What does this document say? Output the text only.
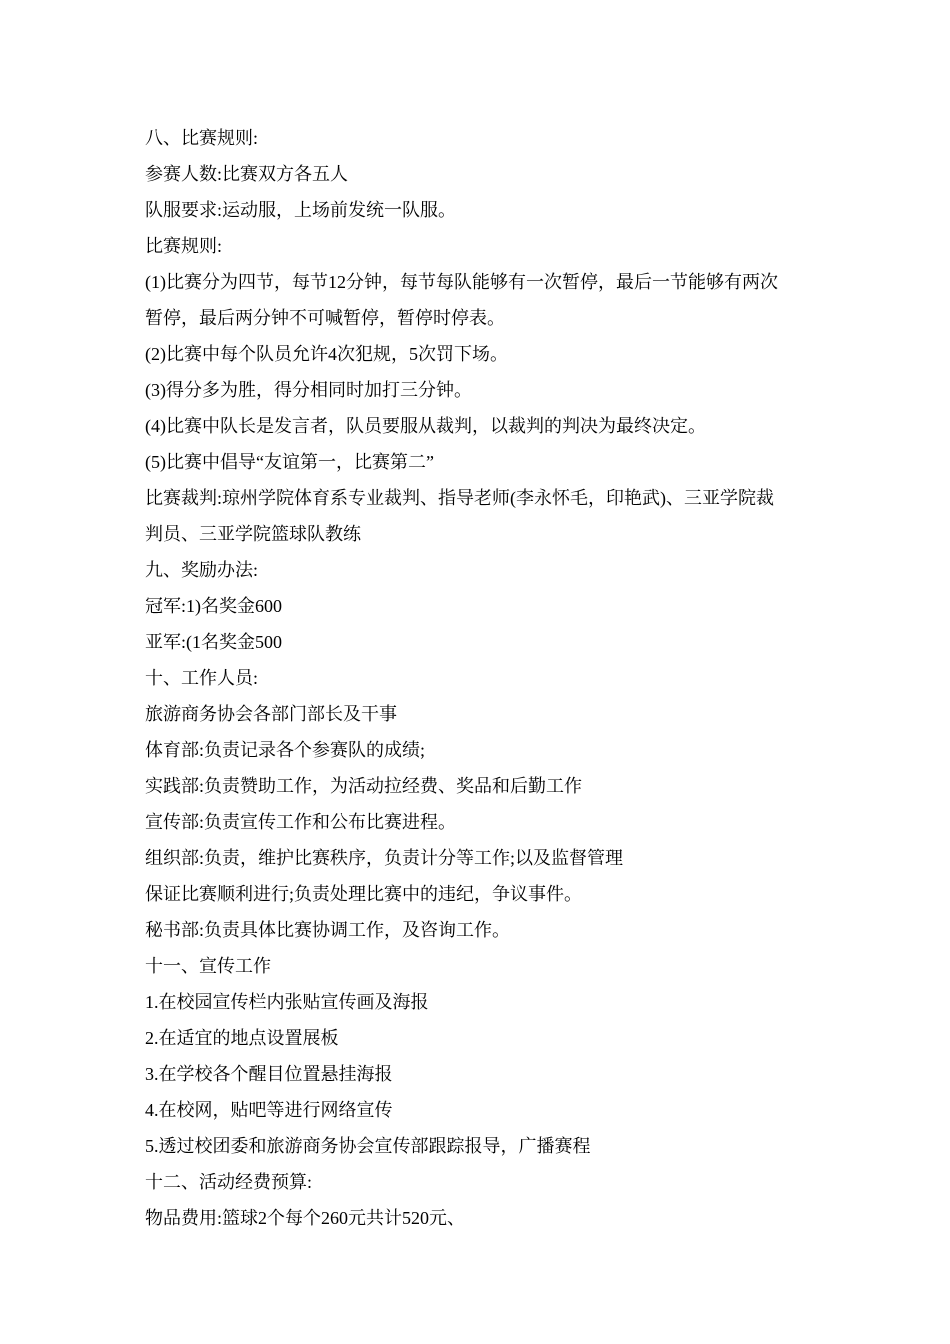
八、比赛规则:
参赛人数:比赛双方各五人
队服要求:运动服，上场前发统一队服。
比赛规则:
(1)比赛分为四节，每节12分钟，每节每队能够有一次暂停，最后一节能够有两次
暂停，最后两分钟不可喊暂停，暂停时停表。
(2)比赛中每个队员允许4次犯规，5次罚下场。
(3)得分多为胜，得分相同时加打三分钟。
(4)比赛中队长是发言者，队员要服从裁判，以裁判的判决为最终决定。
(5)比赛中倡导“友谊第一，比赛第二”
比赛裁判:琼州学院体育系专业裁判、指导老师(李永怀毛，印艳武)、三亚学院裁
判员、三亚学院篮球队教练
九、奖励办法:
冠军:1)名奖金600
亚军:(1名奖金500
十、工作人员:
旅游商务协会各部门部长及干事
体育部:负责记录各个参赛队的成绩;
实践部:负责赞助工作，为活动拉经费、奖品和后勤工作
宣传部:负责宣传工作和公布比赛进程。
组织部:负责，维护比赛秩序，负责计分等工作;以及监督管理
保证比赛顺利进行;负责处理比赛中的违纪，争议事件。
秘书部:负责具体比赛协调工作，及咨询工作。
十一、宣传工作
1.在校园宣传栏内张贴宣传画及海报
2.在适宜的地点设置展板
3.在学校各个醒目位置悬挂海报
4.在校网，贴吧等进行网络宣传
5.透过校团委和旅游商务协会宣传部跟踪报导，广播赛程
十二、活动经费预算:
物品费用:篮球2个每个260元共计520元、
